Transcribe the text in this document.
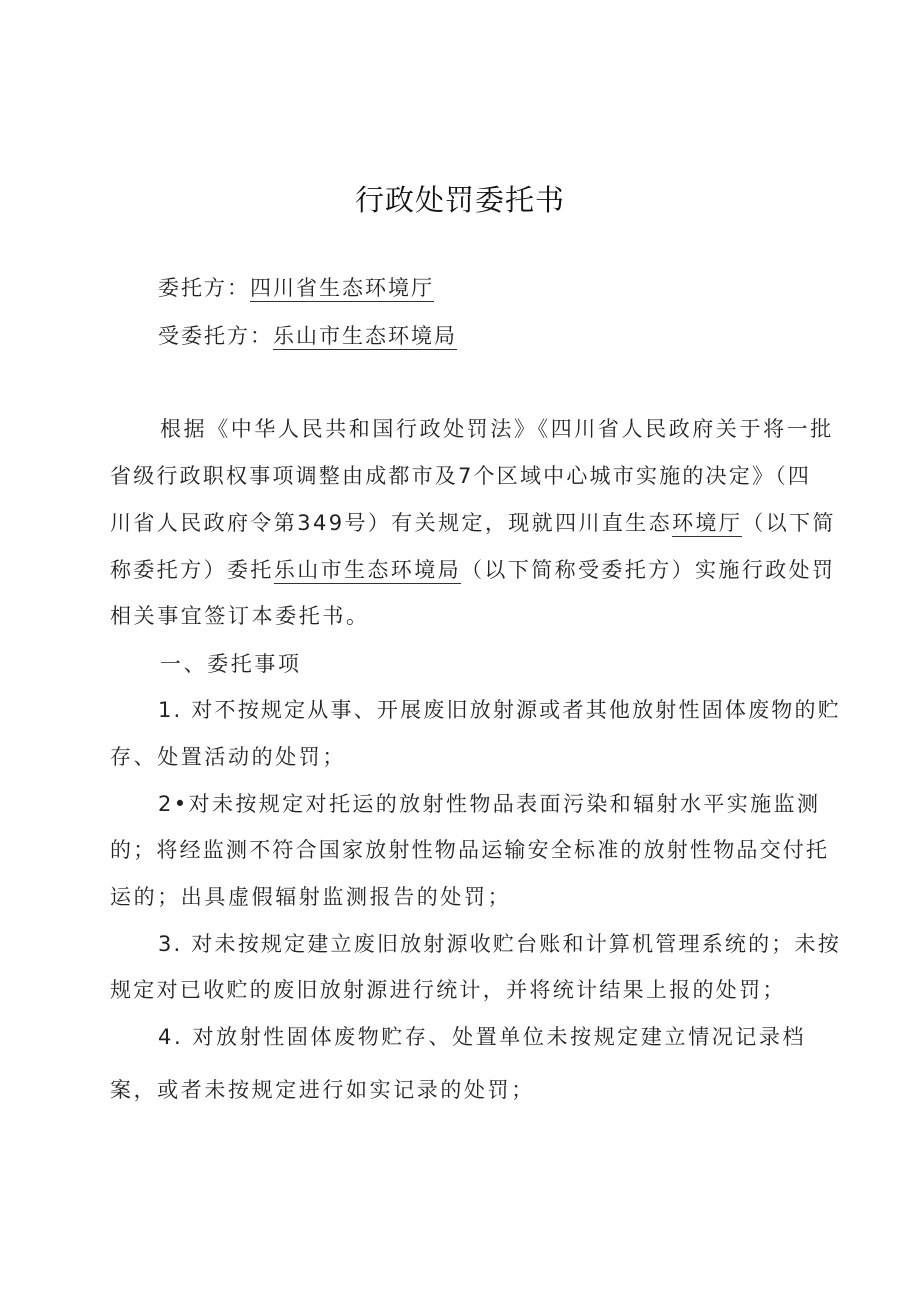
行政处罚委托书
委托方：四川省生态环境厅
受委托方：乐山市生态环境局
根据《中华人民共和国行政处罚法》《四川省人民政府关于将一批
省级行政职权事项调整由成都市及7个区域中心城市实施的决定》（四
川省人民政府令第349号）有关规定，现就四川直生态环境厅（以下简
称委托方）委托乐山市生态环境局（以下简称受委托方）实施行政处罚
相关事宜签订本委托书。
一、委托事项
1. 对不按规定从事、开展废旧放射源或者其他放射性固体废物的贮
存、处置活动的处罚；
2•对未按规定对托运的放射性物品表面污染和辐射水平实施监测
的；将经监测不符合国家放射性物品运输安全标准的放射性物品交付托
运的；出具虚假辐射监测报告的处罚；
3. 对未按规定建立废旧放射源收贮台账和计算机管理系统的；未按
规定对已收贮的废旧放射源进行统计，并将统计结果上报的处罚；
4. 对放射性固体废物贮存、处置单位未按规定建立情况记录档
案，或者未按规定进行如实记录的处罚；
